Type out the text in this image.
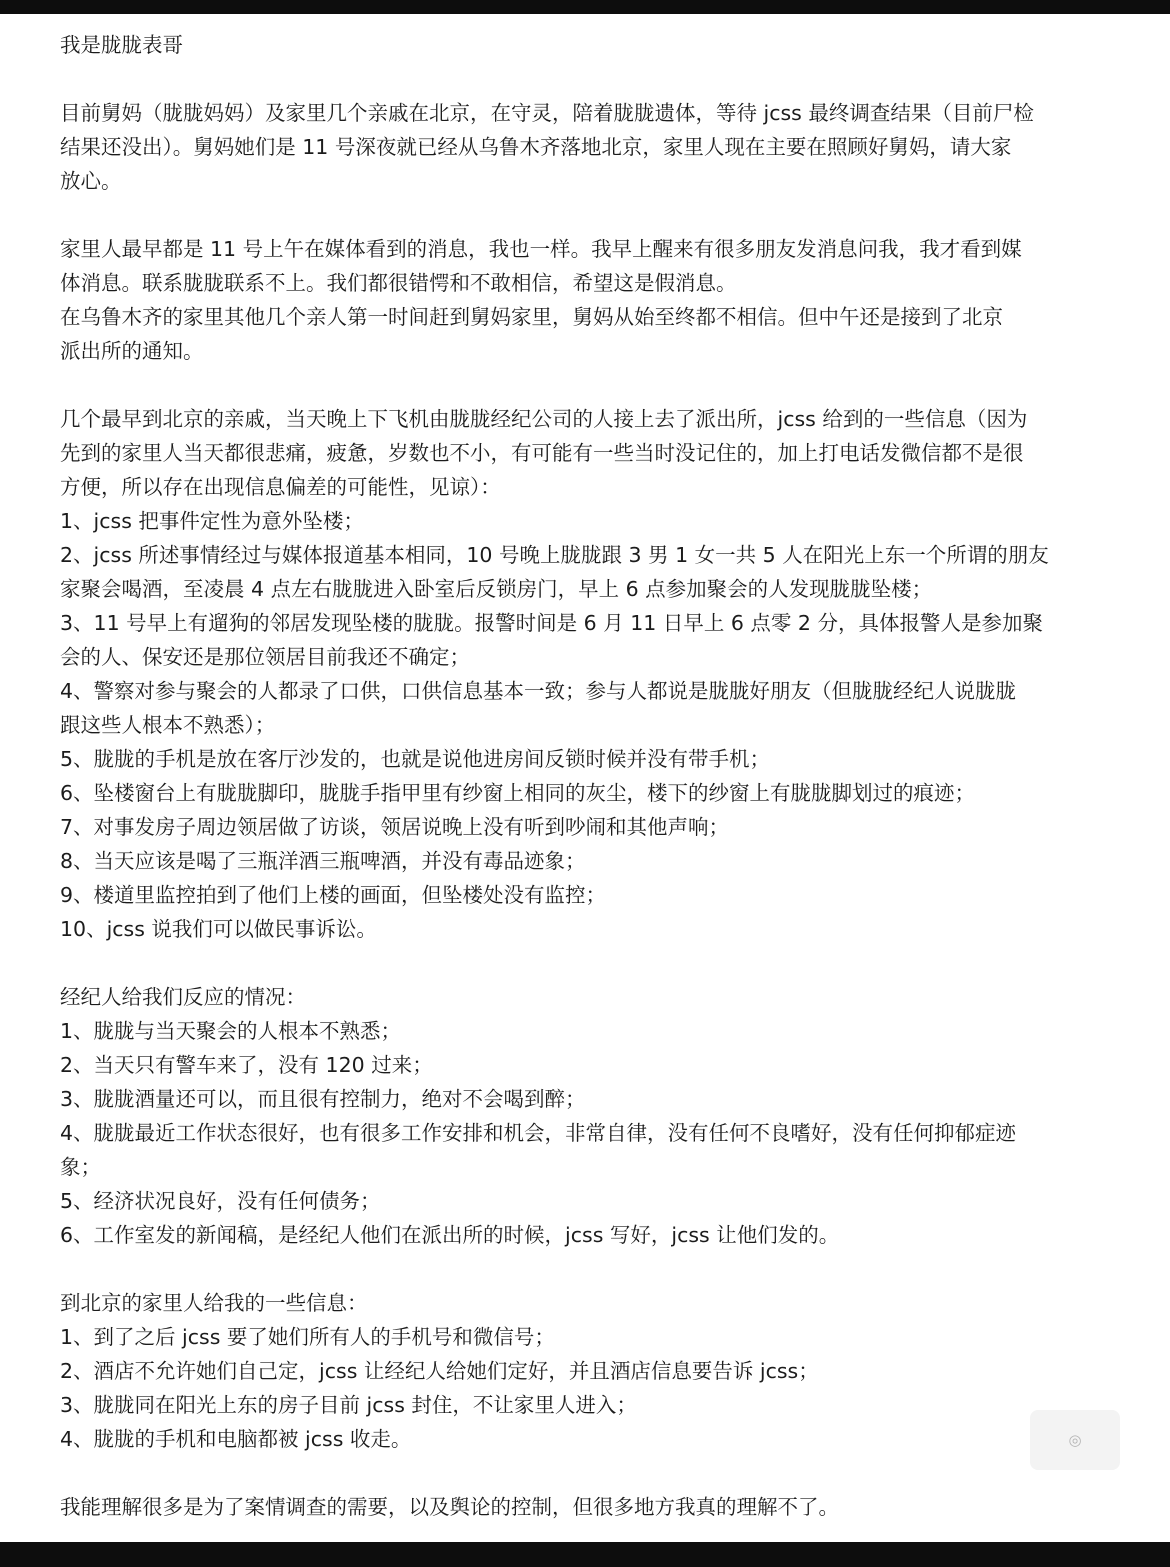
我是胧胧表哥

目前舅妈（胧胧妈妈）及家里几个亲戚在北京，在守灵，陪着胧胧遗体，等待 jcss 最终调查结果（目前尸检

结果还没出）。舅妈她们是 11 号深夜就已经从乌鲁木齐落地北京，家里人现在主要在照顾好舅妈，请大家

放心。

家里人最早都是 11 号上午在媒体看到的消息，我也一样。我早上醒来有很多朋友发消息问我，我才看到媒

体消息。联系胧胧联系不上。我们都很错愕和不敢相信，希望这是假消息。

在乌鲁木齐的家里其他几个亲人第一时间赶到舅妈家里，舅妈从始至终都不相信。但中午还是接到了北京

派出所的通知。

几个最早到北京的亲戚，当天晚上下飞机由胧胧经纪公司的人接上去了派出所，jcss 给到的一些信息（因为

先到的家里人当天都很悲痛，疲惫，岁数也不小，有可能有一些当时没记住的，加上打电话发微信都不是很

方便，所以存在出现信息偏差的可能性，见谅）：

1、jcss 把事件定性为意外坠楼；

2、jcss 所述事情经过与媒体报道基本相同，10 号晚上胧胧跟 3 男 1 女一共 5 人在阳光上东一个所谓的朋友

家聚会喝酒，至凌晨 4 点左右胧胧进入卧室后反锁房门，早上 6 点参加聚会的人发现胧胧坠楼；

3、11 号早上有遛狗的邻居发现坠楼的胧胧。报警时间是 6 月 11 日早上 6 点零 2 分，具体报警人是参加聚

会的人、保安还是那位领居目前我还不确定；

4、警察对参与聚会的人都录了口供，口供信息基本一致；参与人都说是胧胧好朋友（但胧胧经纪人说胧胧

跟这些人根本不熟悉）；

5、胧胧的手机是放在客厅沙发的，也就是说他进房间反锁时候并没有带手机；

6、坠楼窗台上有胧胧脚印，胧胧手指甲里有纱窗上相同的灰尘，楼下的纱窗上有胧胧脚划过的痕迹；

7、对事发房子周边领居做了访谈，领居说晚上没有听到吵闹和其他声响；

8、当天应该是喝了三瓶洋酒三瓶啤酒，并没有毒品迹象；

9、楼道里监控拍到了他们上楼的画面，但坠楼处没有监控；

10、jcss 说我们可以做民事诉讼。

经纪人给我们反应的情况：

1、胧胧与当天聚会的人根本不熟悉；

2、当天只有警车来了，没有 120 过来；

3、胧胧酒量还可以，而且很有控制力，绝对不会喝到醉；

4、胧胧最近工作状态很好，也有很多工作安排和机会，非常自律，没有任何不良嗜好，没有任何抑郁症迹

象；

5、经济状况良好，没有任何债务；

6、工作室发的新闻稿，是经纪人他们在派出所的时候，jcss 写好，jcss 让他们发的。

到北京的家里人给我的一些信息：

1、到了之后 jcss 要了她们所有人的手机号和微信号；

2、酒店不允许她们自己定，jcss 让经纪人给她们定好，并且酒店信息要告诉 jcss；

3、胧胧同在阳光上东的房子目前 jcss 封住，不让家里人进入；

4、胧胧的手机和电脑都被 jcss 收走。

我能理解很多是为了案情调查的需要，以及舆论的控制，但很多地方我真的理解不了。

◎
